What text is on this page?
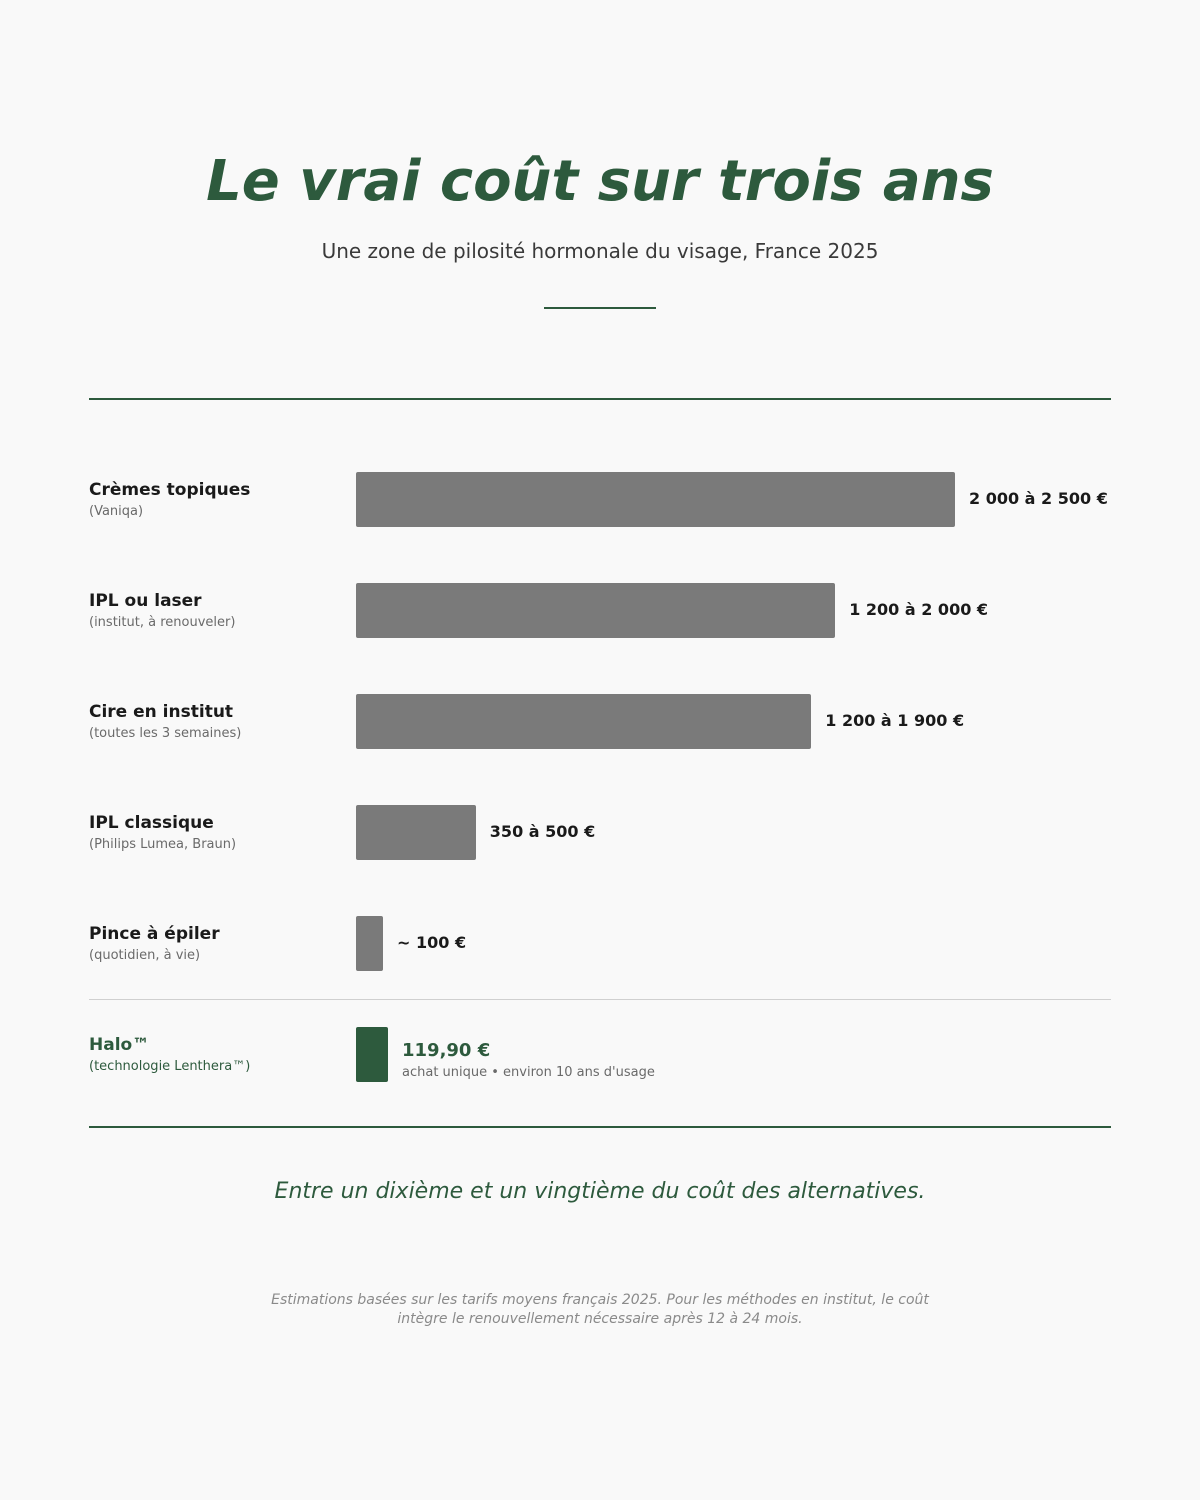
Le vrai coût sur trois ans

Une zone de pilosité hormonale du visage, France 2025

Crèmes topiques
(Vaniqa)
2 000 à 2 500 €
IPL ou laser
(institut, à renouveler)
1 200 à 2 000 €
Cire en institut
(toutes les 3 semaines)
1 200 à 1 900 €
IPL classique
(Philips Lumea, Braun)
350 à 500 €
Pince à épiler
(quotidien, à vie)
~ 100 €
Halo™
(technologie Lenthera™)
119,90 €
achat unique • environ 10 ans d'usage

Entre un dixième et un vingtième du coût des alternatives.

Estimations basées sur les tarifs moyens français 2025. Pour les méthodes en institut, le coût intègre le renouvellement nécessaire après 12 à 24 mois.
